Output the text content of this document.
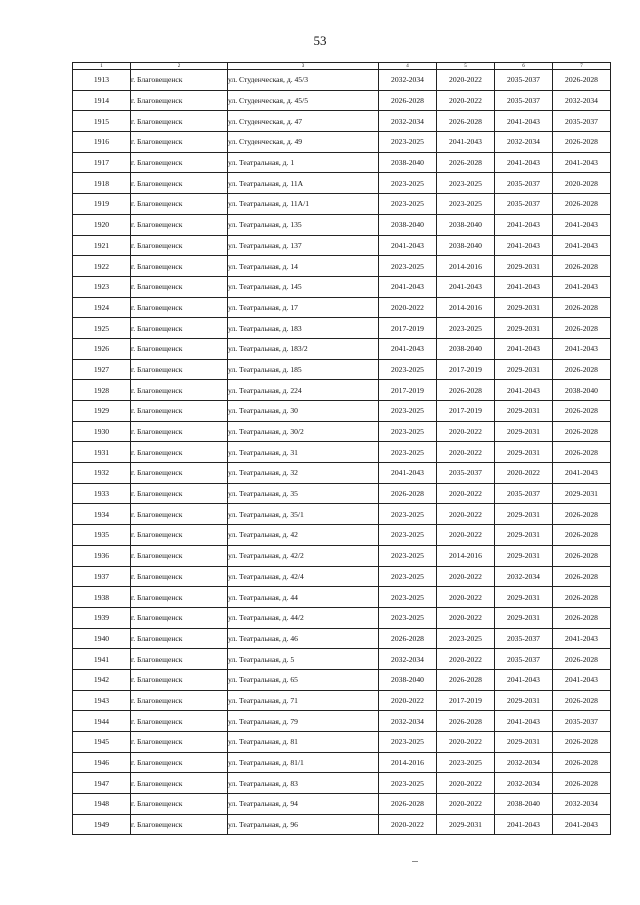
53
1	2	3	4	5	6	7
1913	г. Благовещенск	ул. Студенческая, д. 45/3	2032-2034	2020-2022	2035-2037	2026-2028
1914	г. Благовещенск	ул. Студенческая, д. 45/5	2026-2028	2020-2022	2035-2037	2032-2034
1915	г. Благовещенск	ул. Студенческая, д. 47	2032-2034	2026-2028	2041-2043	2035-2037
1916	г. Благовещенск	ул. Студенческая, д. 49	2023-2025	2041-2043	2032-2034	2026-2028
1917	г. Благовещенск	ул. Театральная, д. 1	2038-2040	2026-2028	2041-2043	2041-2043
1918	г. Благовещенск	ул. Театральная, д. 11А	2023-2025	2023-2025	2035-2037	2020-2028
1919	г. Благовещенск	ул. Театральная, д. 11А/1	2023-2025	2023-2025	2035-2037	2026-2028
1920	г. Благовещенск	ул. Театральная, д. 135	2038-2040	2038-2040	2041-2043	2041-2043
1921	г. Благовещенск	ул. Театральная, д. 137	2041-2043	2038-2040	2041-2043	2041-2043
1922	г. Благовещенск	ул. Театральная, д. 14	2023-2025	2014-2016	2029-2031	2026-2028
1923	г. Благовещенск	ул. Театральная, д. 145	2041-2043	2041-2043	2041-2043	2041-2043
1924	г. Благовещенск	ул. Театральная, д. 17	2020-2022	2014-2016	2029-2031	2026-2028
1925	г. Благовещенск	ул. Театральная, д. 183	2017-2019	2023-2025	2029-2031	2026-2028
1926	г. Благовещенск	ул. Театральная, д. 183/2	2041-2043	2038-2040	2041-2043	2041-2043
1927	г. Благовещенск	ул. Театральная, д. 185	2023-2025	2017-2019	2029-2031	2026-2028
1928	г. Благовещенск	ул. Театральная, д. 224	2017-2019	2026-2028	2041-2043	2038-2040
1929	г. Благовещенск	ул. Театральная, д. 30	2023-2025	2017-2019	2029-2031	2026-2028
1930	г. Благовещенск	ул. Театральная, д. 30/2	2023-2025	2020-2022	2029-2031	2026-2028
1931	г. Благовещенск	ул. Театральная, д. 31	2023-2025	2020-2022	2029-2031	2026-2028
1932	г. Благовещенск	ул. Театральная, д. 32	2041-2043	2035-2037	2020-2022	2041-2043
1933	г. Благовещенск	ул. Театральная, д. 35	2026-2028	2020-2022	2035-2037	2029-2031
1934	г. Благовещенск	ул. Театральная, д. 35/1	2023-2025	2020-2022	2029-2031	2026-2028
1935	г. Благовещенск	ул. Театральная, д. 42	2023-2025	2020-2022	2029-2031	2026-2028
1936	г. Благовещенск	ул. Театральная, д. 42/2	2023-2025	2014-2016	2029-2031	2026-2028
1937	г. Благовещенск	ул. Театральная, д. 42/4	2023-2025	2020-2022	2032-2034	2026-2028
1938	г. Благовещенск	ул. Театральная, д. 44	2023-2025	2020-2022	2029-2031	2026-2028
1939	г. Благовещенск	ул. Театральная, д. 44/2	2023-2025	2020-2022	2029-2031	2026-2028
1940	г. Благовещенск	ул. Театральная, д. 46	2026-2028	2023-2025	2035-2037	2041-2043
1941	г. Благовещенск	ул. Театральная, д. 5	2032-2034	2020-2022	2035-2037	2026-2028
1942	г. Благовещенск	ул. Театральная, д. 65	2038-2040	2026-2028	2041-2043	2041-2043
1943	г. Благовещенск	ул. Театральная, д. 71	2020-2022	2017-2019	2029-2031	2026-2028
1944	г. Благовещенск	ул. Театральная, д. 79	2032-2034	2026-2028	2041-2043	2035-2037
1945	г. Благовещенск	ул. Театральная, д. 81	2023-2025	2020-2022	2029-2031	2026-2028
1946	г. Благовещенск	ул. Театральная, д. 81/1	2014-2016	2023-2025	2032-2034	2026-2028
1947	г. Благовещенск	ул. Театральная, д. 83	2023-2025	2020-2022	2032-2034	2026-2028
1948	г. Благовещенск	ул. Театральная, д. 94	2026-2028	2020-2022	2038-2040	2032-2034
1949	г. Благовещенск	ул. Театральная, д. 96	2020-2022	2029-2031	2041-2043	2041-2043
